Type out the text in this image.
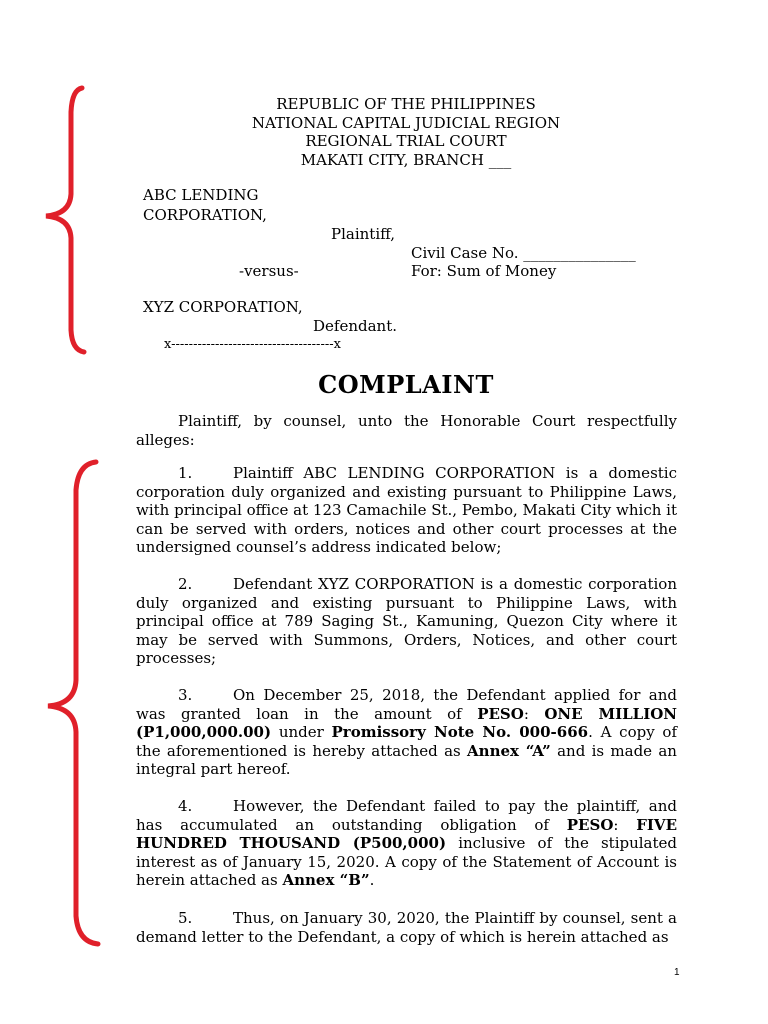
REPUBLIC OF THE PHILIPPINES
NATIONAL CAPITAL JUDICIAL REGION
REGIONAL TRIAL COURT
MAKATI CITY, BRANCH ___
ABC LENDING
CORPORATION,
Plaintiff,
Civil Case No. _______________
-versus-	For: Sum of Money
XYZ CORPORATION,
Defendant.
x-------------------------------------x
COMPLAINT
Plaintiff, by counsel, unto the Honorable Court respectfully alleges:
1.	Plaintiff ABC LENDING CORPORATION is a domestic corporation duly organized and existing pursuant to Philippine Laws, with principal office at 123 Camachile St., Pembo, Makati City which it can be served with orders, notices and other court processes at the undersigned counsel’s address indicated below;
2.	Defendant XYZ CORPORATION is a domestic corporation duly organized and existing pursuant to Philippine Laws, with principal office at 789 Saging St., Kamuning, Quezon City where it may be served with Summons, Orders, Notices, and other court processes;
3.	On December 25, 2018, the Defendant applied for and was granted loan in the amount of PESO: ONE MILLION (P1,000,000.00) under Promissory Note No. 000-666. A copy of the aforementioned is hereby attached as Annex “A” and is made an integral part hereof.
4.	However, the Defendant failed to pay the plaintiff, and has accumulated an outstanding obligation of PESO: FIVE HUNDRED THOUSAND (P500,000) inclusive of the stipulated interest as of January 15, 2020. A copy of the Statement of Account is herein attached as Annex “B”.
5.	Thus, on January 30, 2020, the Plaintiff by counsel, sent a demand letter to the Defendant, a copy of which is herein attached as
1
